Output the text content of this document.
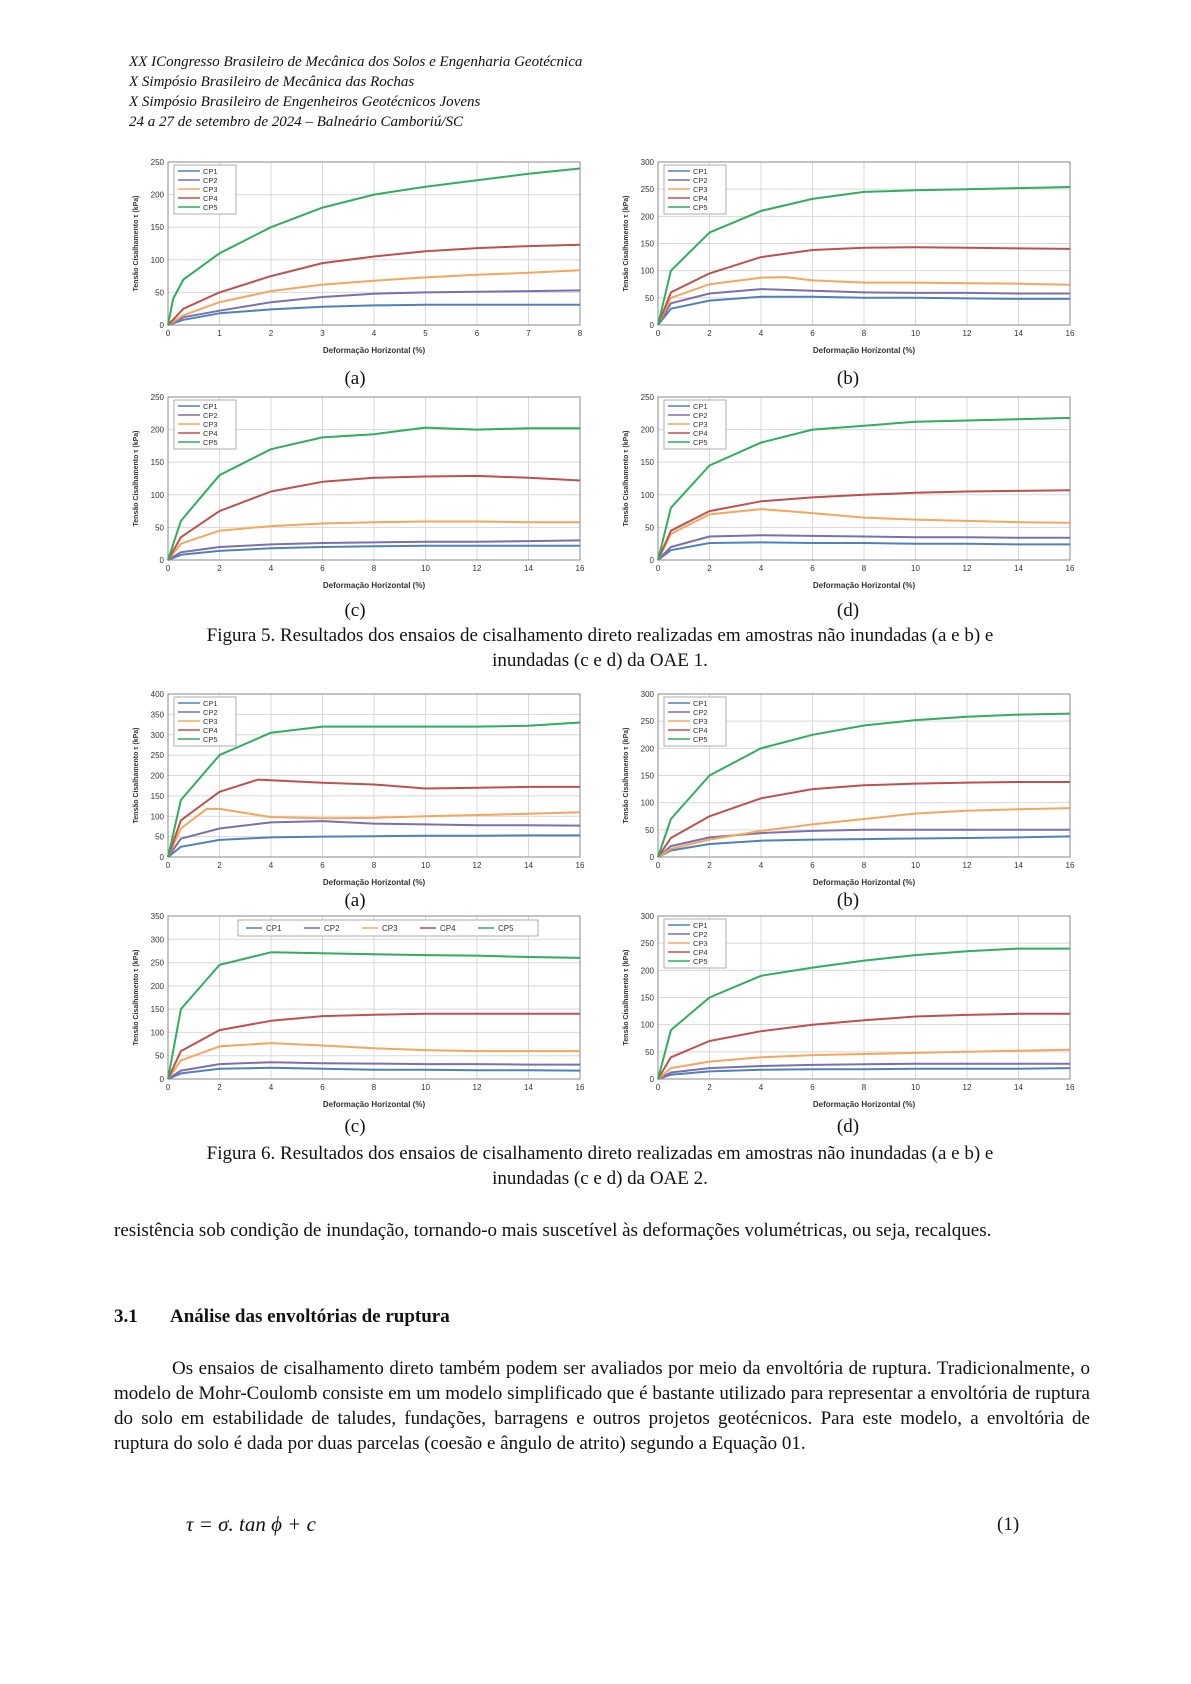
XX ICongresso Brasileiro de Mecânica dos Solos e Engenharia Geotécnica
X Simpósio Brasileiro de Mecânica das Rochas
X Simpósio Brasileiro de Engenheiros Geotécnicos Jovens
24 a 27 de setembro de 2024 – Balneário Camboriú/SC
0	1	2	3	4	5	6	7	8
0
50
100
150
200
250
Deformação Horizontal (%)
Tensão Cisalhamento τ (kPa)
CP1
CP2
CP3
CP4
CP5
0	2	4	6	8	10	12	14	16
0
50
100
150
200
250
300
Deformação Horizontal (%)
Tensão Cisalhamento τ (kPa)
CP1
CP2
CP3
CP4
CP5
(a)	(b)
0	2	4	6	8	10	12	14	16
0
50
100
150
200
250
Deformação Horizontal (%)
Tensão Cisalhamento τ (kPa)
CP1
CP2
CP3
CP4
CP5
0	2	4	6	8	10	12	14	16
0
50
100
150
200
250
Deformação Horizontal (%)
Tensão Cisalhamento τ (kPa)
CP1
CP2
CP3
CP4
CP5
(c)	(d)
Figura 5. Resultados dos ensaios de cisalhamento direto realizadas em amostras não inundadas (a e b) e
inundadas (c e d) da OAE 1.
0	2	4	6	8	10	12	14	16
0
50
100
150
200
250
300
350
400
Deformação Horizontal (%)
Tensão Cisalhamento τ (kPa)
CP1
CP2
CP3
CP4
CP5
0	2	4	6	8	10	12	14	16
0
50
100
150
200
250
300
Deformação Horizontal (%)
Tensão Cisalhamento τ (kPa)
CP1
CP2
CP3
CP4
CP5
(a)	(b)
0	2	4	6	8	10	12	14	16
0
50
100
150
200
250
300
350
Deformação Horizontal (%)
Tensão Cisalhamento τ (kPa)
CP1	CP2	CP3	CP4	CP5
0	2	4	6	8	10	12	14	16
0
50
100
150
200
250
300
Deformação Horizontal (%)
Tensão Cisalhamento τ (kPa)
CP1
CP2
CP3
CP4
CP5
(c)	(d)
Figura 6. Resultados dos ensaios de cisalhamento direto realizadas em amostras não inundadas (a e b) e
inundadas (c e d) da OAE 2.
resistência sob condição de inundação, tornando-o mais suscetível às deformações volumétricas, ou seja, recalques.
3.1 Análise das envoltórias de ruptura
Os ensaios de cisalhamento direto também podem ser avaliados por meio da envoltória de ruptura. Tradicionalmente, o modelo de Mohr-Coulomb consiste em um modelo simplificado que é bastante utilizado para representar a envoltória de ruptura do solo em estabilidade de taludes, fundações, barragens e outros projetos geotécnicos. Para este modelo, a envoltória de ruptura do solo é dada por duas parcelas (coesão e ângulo de atrito) segundo a Equação 01.
τ = σ. tan ϕ + c	(1)
